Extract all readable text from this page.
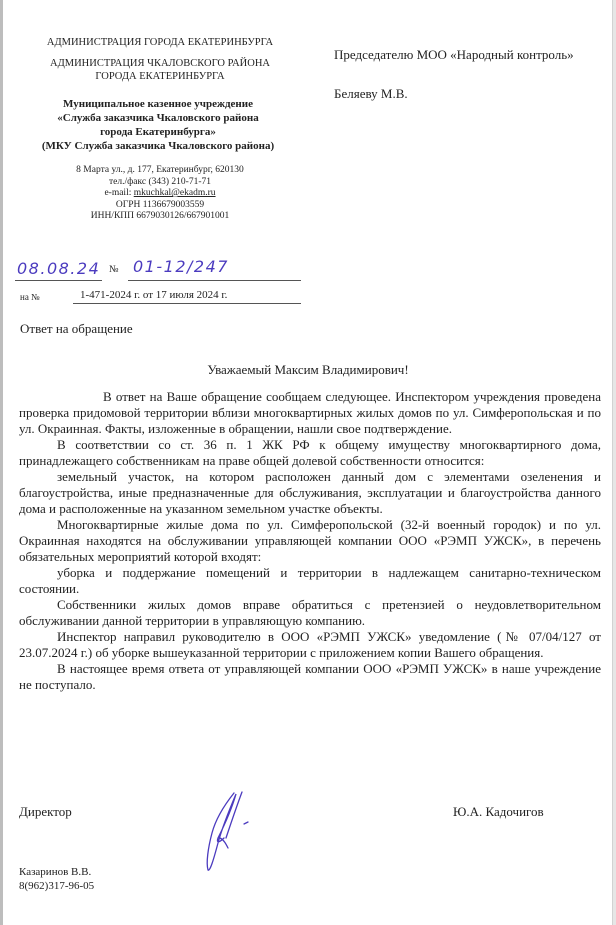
АДМИНИСТРАЦИЯ ГОРОДА ЕКАТЕРИНБУРГА
АДМИНИСТРАЦИЯ ЧКАЛОВСКОГО РАЙОНА
ГОРОДА ЕКАТЕРИНБУРГА
Муниципальное казенное учреждение
«Служба заказчика Чкаловского района
города Екатеринбурга»
(МКУ Служба заказчика Чкаловского района)
8 Марта ул., д. 177, Екатеринбург, 620130
тел./факс (343) 210-71-71
e-mail: mkuchkal@ekadm.ru
ОГРН 1136679003559
ИНН/КПП 6679030126/667901001
Председателю МОО «Народный контроль»
Беляеву М.В.
08.08.24 № 01-12/247
на №	1-471-2024 г. от 17 июля 2024 г.
Ответ на обращение
Уважаемый Максим Владимирович!

В ответ на Ваше обращение сообщаем следующее. Инспектором учреждения проведена проверка придомовой территории вблизи многоквартирных жилых домов по ул. Симферопольская и по ул. Окраинная. Факты, изложенные в обращении, нашли свое подтверждение.

В соответствии со ст. 36 п. 1 ЖК РФ к общему имуществу многоквартирного дома, принадлежащего собственникам на праве общей долевой собственности относится:

земельный участок, на котором расположен данный дом с элементами озеленения и благоустройства, иные предназначенные для обслуживания, эксплуатации и благоустройства данного дома и расположенные на указанном земельном участке объекты.

Многоквартирные жилые дома по ул. Симферопольской (32-й военный городок) и по ул. Окраинная находятся на обслуживании управляющей компании ООО «РЭМП УЖСК», в перечень обязательных мероприятий которой входят:

уборка и поддержание помещений и территории в надлежащем санитарно-техническом состоянии.

Собственники жилых домов вправе обратиться с претензией о неудовлетворительном обслуживании данной территории в управляющую компанию.

Инспектор направил руководителю в ООО «РЭМП УЖСК» уведомление (№ 07/04/127 от 23.07.2024 г.) об уборке вышеуказанной территории с приложением копии Вашего обращения.

В настоящее время ответа от управляющей компании ООО «РЭМП УЖСК» в наше учреждение не поступало.

Директор	Ю.А. Кадочигов
Казаринов В.В.
8(962)317-96-05
